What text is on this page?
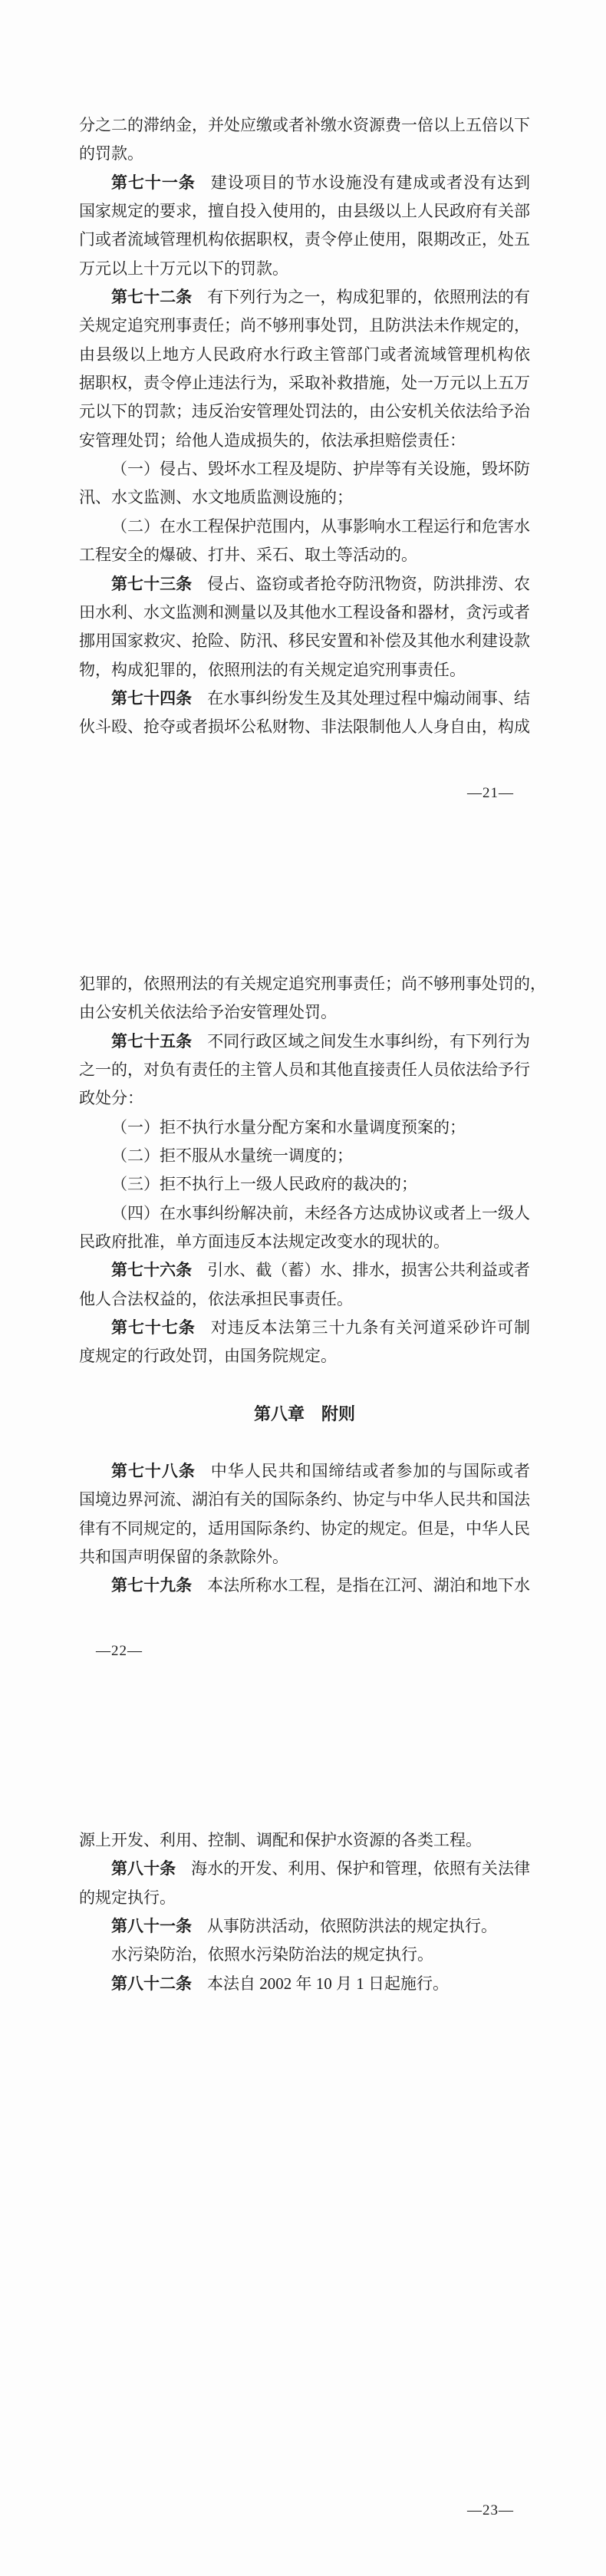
分之二的滞纳金，并处应缴或者补缴水资源费一倍以上五倍以下
的罚款。
第七十一条 建设项目的节水设施没有建成或者没有达到
国家规定的要求，擅自投入使用的，由县级以上人民政府有关部
门或者流域管理机构依据职权，责令停止使用，限期改正，处五
万元以上十万元以下的罚款。
第七十二条 有下列行为之一，构成犯罪的，依照刑法的有
关规定追究刑事责任；尚不够刑事处罚，且防洪法未作规定的，
由县级以上地方人民政府水行政主管部门或者流域管理机构依
据职权，责令停止违法行为，采取补救措施，处一万元以上五万
元以下的罚款；违反治安管理处罚法的，由公安机关依法给予治
安管理处罚；给他人造成损失的，依法承担赔偿责任：
（一）侵占、毁坏水工程及堤防、护岸等有关设施，毁坏防
汛、水文监测、水文地质监测设施的；
（二）在水工程保护范围内，从事影响水工程运行和危害水
工程安全的爆破、打井、采石、取土等活动的。
第七十三条 侵占、盗窃或者抢夺防汛物资，防洪排涝、农
田水利、水文监测和测量以及其他水工程设备和器材，贪污或者
挪用国家救灾、抢险、防汛、移民安置和补偿及其他水利建设款
物，构成犯罪的，依照刑法的有关规定追究刑事责任。
第七十四条 在水事纠纷发生及其处理过程中煽动闹事、结
伙斗殴、抢夺或者损坏公私财物、非法限制他人人身自由，构成
—21—
犯罪的，依照刑法的有关规定追究刑事责任；尚不够刑事处罚的，
由公安机关依法给予治安管理处罚。
第七十五条 不同行政区域之间发生水事纠纷，有下列行为
之一的，对负有责任的主管人员和其他直接责任人员依法给予行
政处分：
（一）拒不执行水量分配方案和水量调度预案的；
（二）拒不服从水量统一调度的；
（三）拒不执行上一级人民政府的裁决的；
（四）在水事纠纷解决前，未经各方达成协议或者上一级人
民政府批准，单方面违反本法规定改变水的现状的。
第七十六条 引水、截（蓄）水、排水，损害公共利益或者
他人合法权益的，依法承担民事责任。
第七十七条 对违反本法第三十九条有关河道采砂许可制
度规定的行政处罚，由国务院规定。
第八章 附则
第七十八条 中华人民共和国缔结或者参加的与国际或者
国境边界河流、湖泊有关的国际条约、协定与中华人民共和国法
律有不同规定的，适用国际条约、协定的规定。但是，中华人民
共和国声明保留的条款除外。
第七十九条 本法所称水工程，是指在江河、湖泊和地下水
—22—
源上开发、利用、控制、调配和保护水资源的各类工程。
第八十条 海水的开发、利用、保护和管理，依照有关法律
的规定执行。
第八十一条 从事防洪活动，依照防洪法的规定执行。
水污染防治，依照水污染防治法的规定执行。
第八十二条 本法自 2002 年 10 月 1 日起施行。
—23—
